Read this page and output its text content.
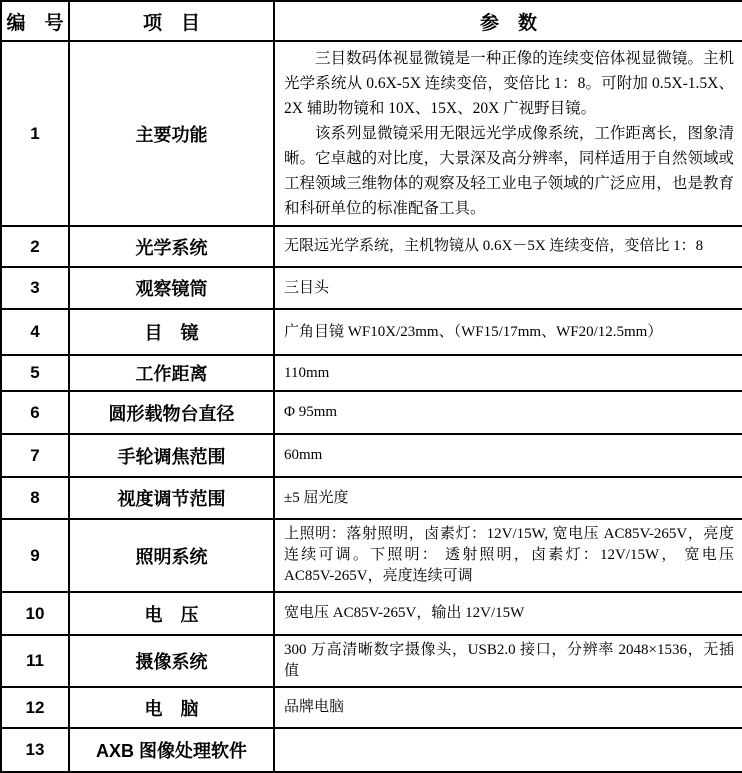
编　号	项　目	参　数
1	主要功能	三目数码体视显微镜是一种正像的连续变倍体视显微镜。主机光学系统从 0.6X-5X 连续变倍，变倍比 1：8。可附加 0.5X-1.5X、2X 辅助物镜和 10X、15X、20X 广视野目镜。

该系列显微镜采用无限远光学成像系统，工作距离长，图象清晰。它卓越的对比度，大景深及高分辨率，同样适用于自然领域或工程领域三维物体的观察及轻工业电子领域的广泛应用，也是教育和科研单位的标准配备工具。

2	光学系统	无限远光学系统，主机物镜从 0.6X－5X 连续变倍，变倍比 1：8
3	观察镜筒	三目头
4	目　镜	广角目镜 WF10X/23mm、（WF15/17mm、WF20/12.5mm）
5	工作距离	110mm
6	圆形载物台直径	Φ 95mm
7	手轮调焦范围	60mm
8	视度调节范围	±5 屈光度
9	照明系统	上照明：落射照明，卤素灯：12V/15W, 宽电压 AC85V-265V，亮度连续可调。下照明： 透射照明，卤素灯：12V/15W， 宽电压 AC85V-265V，亮度连续可调
10	电　压	宽电压 AC85V-265V，输出 12V/15W
11	摄像系统	300 万高清晰数字摄像头，USB2.0 接口，分辨率 2048×1536，无插值
12	电　脑	品牌电脑
13	AXB 图像处理软件	
